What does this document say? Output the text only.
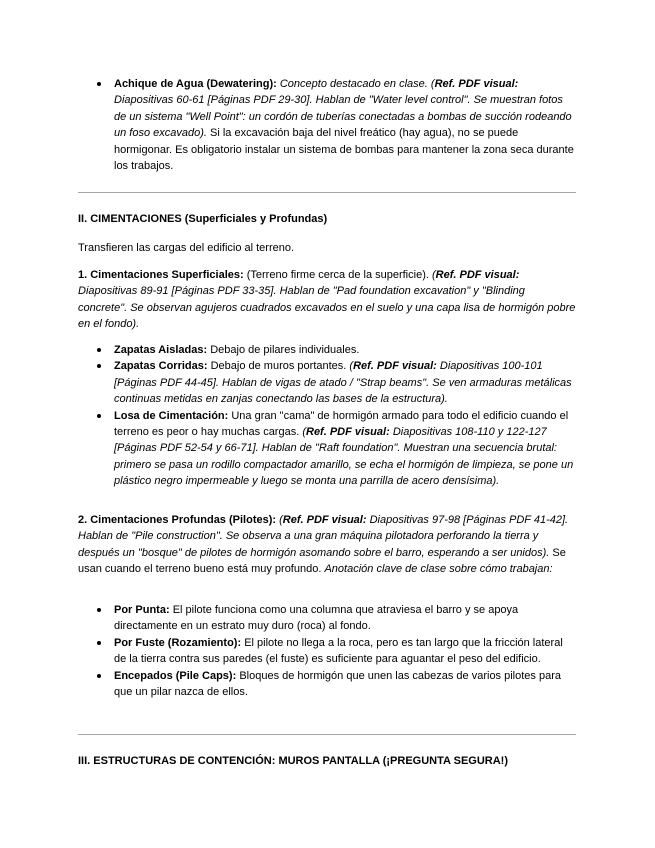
Achique de Agua (Dewatering): Concepto destacado en clase. (Ref. PDF visual: Diapositivas 60-61 [Páginas PDF 29-30]. Hablan de "Water level control". Se muestran fotos de un sistema "Well Point": un cordón de tuberías conectadas a bombas de succión rodeando un foso excavado). Si la excavación baja del nivel freático (hay agua), no se puede hormigonar. Es obligatorio instalar un sistema de bombas para mantener la zona seca durante los trabajos.

II. CIMENTACIONES (Superficiales y Profundas)

Transfieren las cargas del edificio al terreno.

1. Cimentaciones Superficiales: (Terreno firme cerca de la superficie). (Ref. PDF visual: Diapositivas 89-91 [Páginas PDF 33-35]. Hablan de "Pad foundation excavation" y "Blinding concrete". Se observan agujeros cuadrados excavados en el suelo y una capa lisa de hormigón pobre en el fondo).

Zapatas Aisladas: Debajo de pilares individuales.
Zapatas Corridas: Debajo de muros portantes. (Ref. PDF visual: Diapositivas 100-101 [Páginas PDF 44-45]. Hablan de vigas de atado / "Strap beams". Se ven armaduras metálicas continuas metidas en zanjas conectando las bases de la estructura).
Losa de Cimentación: Una gran "cama" de hormigón armado para todo el edificio cuando el terreno es peor o hay muchas cargas. (Ref. PDF visual: Diapositivas 108-110 y 122-127 [Páginas PDF 52-54 y 66-71]. Hablan de "Raft foundation". Muestran una secuencia brutal: primero se pasa un rodillo compactador amarillo, se echa el hormigón de limpieza, se pone un plástico negro impermeable y luego se monta una parrilla de acero densísima).

2. Cimentaciones Profundas (Pilotes): (Ref. PDF visual: Diapositivas 97-98 [Páginas PDF 41-42]. Hablan de "Pile construction". Se observa a una gran máquina pilotadora perforando la tierra y después un "bosque" de pilotes de hormigón asomando sobre el barro, esperando a ser unidos). Se usan cuando el terreno bueno está muy profundo. Anotación clave de clase sobre cómo trabajan:

Por Punta: El pilote funciona como una columna que atraviesa el barro y se apoya directamente en un estrato muy duro (roca) al fondo.
Por Fuste (Rozamiento): El pilote no llega a la roca, pero es tan largo que la fricción lateral de la tierra contra sus paredes (el fuste) es suficiente para aguantar el peso del edificio.
Encepados (Pile Caps): Bloques de hormigón que unen las cabezas de varios pilotes para que un pilar nazca de ellos.

III. ESTRUCTURAS DE CONTENCIÓN: MUROS PANTALLA (¡PREGUNTA SEGURA!)
